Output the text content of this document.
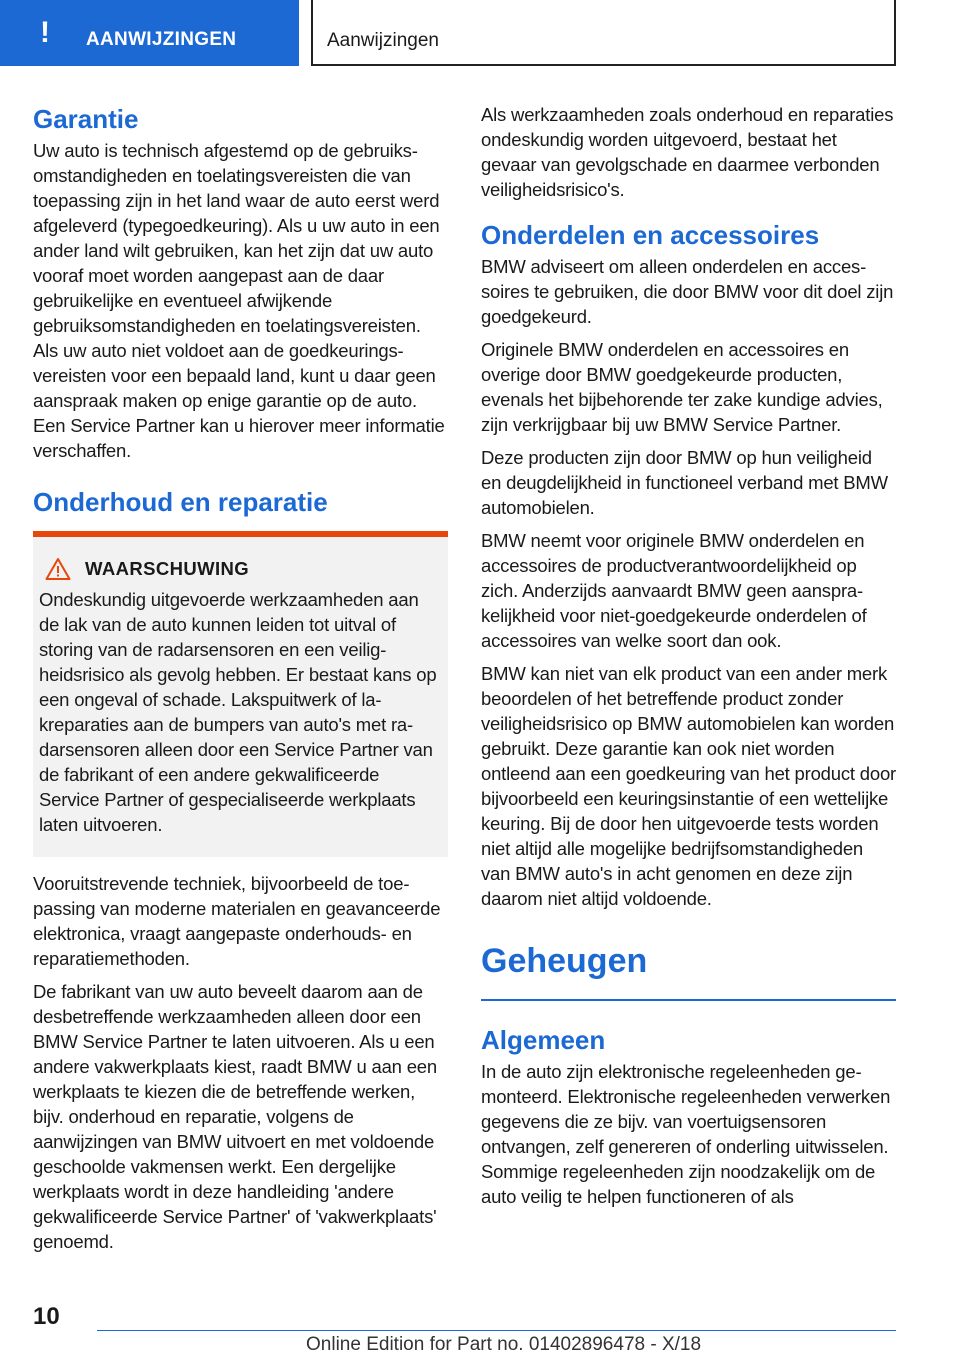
! AANWIJZINGEN	Aanwijzingen
Garantie

Uw auto is technisch afgestemd op de gebruiksomstandigheden en toelatingsvereisten die van toepassing zijn in het land waar de auto eerst werd afgeleverd (typegoedkeuring). Als u uw auto in een ander land wilt gebruiken, kan het zijn dat uw auto vooraf moet worden aangepast aan de daar gebruikelijke en eventueel afwijkende gebruiksomstandigheden en toelatingsvereisten. Als uw auto niet voldoet aan de goedkeuringsvereisten voor een bepaald land, kunt u daar geen aanspraak maken op enige garantie op de auto. Een Service Partner kan u hierover meer informatie verschaffen.

Onderhoud en reparatie
WAARSCHUWING

Ondeskundig uitgevoerde werkzaamheden aan de lak van de auto kunnen leiden tot uitval of storing van de radarsensoren en een veiligheidsrisico als gevolg hebben. Er bestaat kans op een ongeval of schade. Lakspuitwerk of lakreparaties aan de bumpers van auto's met radarsensoren alleen door een Service Partner van de fabrikant of een andere gekwalificeerde Service Partner of gespecialiseerde werkplaats laten uitvoeren.

Vooruitstrevende techniek, bijvoorbeeld de toepassing van moderne materialen en geavanceerde elektronica, vraagt aangepaste onderhouds- en reparatiemethoden.

De fabrikant van uw auto beveelt daarom aan de desbetreffende werkzaamheden alleen door een BMW Service Partner te laten uitvoeren. Als u een andere vakwerkplaats kiest, raadt BMW u aan een werkplaats te kiezen die de betreffende werken, bijv. onderhoud en reparatie, volgens de aanwijzingen van BMW uitvoert en met voldoende geschoolde vakmensen werkt. Een dergelijke werkplaats wordt in deze handleiding 'andere gekwalificeerde Service Partner' of 'vakwerkplaats' genoemd.

Als werkzaamheden zoals onderhoud en reparaties ondeskundig worden uitgevoerd, bestaat het gevaar van gevolgschade en daarmee verbonden veiligheidsrisico's.

Onderdelen en accessoires

BMW adviseert om alleen onderdelen en accessoires te gebruiken, die door BMW voor dit doel zijn goedgekeurd.

Originele BMW onderdelen en accessoires en overige door BMW goedgekeurde producten, evenals het bijbehorende ter zake kundige advies, zijn verkrijgbaar bij uw BMW Service Partner.

Deze producten zijn door BMW op hun veiligheid en deugdelijkheid in functioneel verband met BMW automobielen.

BMW neemt voor originele BMW onderdelen en accessoires de productverantwoordelijkheid op zich. Anderzijds aanvaardt BMW geen aansprakelijkheid voor niet-goedgekeurde onderdelen of accessoires van welke soort dan ook.

BMW kan niet van elk product van een ander merk beoordelen of het betreffende product zonder veiligheidsrisico op BMW automobielen kan worden gebruikt. Deze garantie kan ook niet worden ontleend aan een goedkeuring van het product door bijvoorbeeld een keuringsinstantie of een wettelijke keuring. Bij de door hen uitgevoerde tests worden niet altijd alle mogelijke bedrijfsomstandigheden van BMW auto's in acht genomen en deze zijn daarom niet altijd voldoende.

Geheugen
Algemeen

In de auto zijn elektronische regeleenheden gemonteerd. Elektronische regeleenheden verwerken gegevens die ze bijv. van voertuigsensoren ontvangen, zelf genereren of onderling uitwisselen. Sommige regeleenheden zijn noodzakelijk om de auto veilig te helpen functioneren of als

10
Online Edition for Part no. 01402896478 - X/18
